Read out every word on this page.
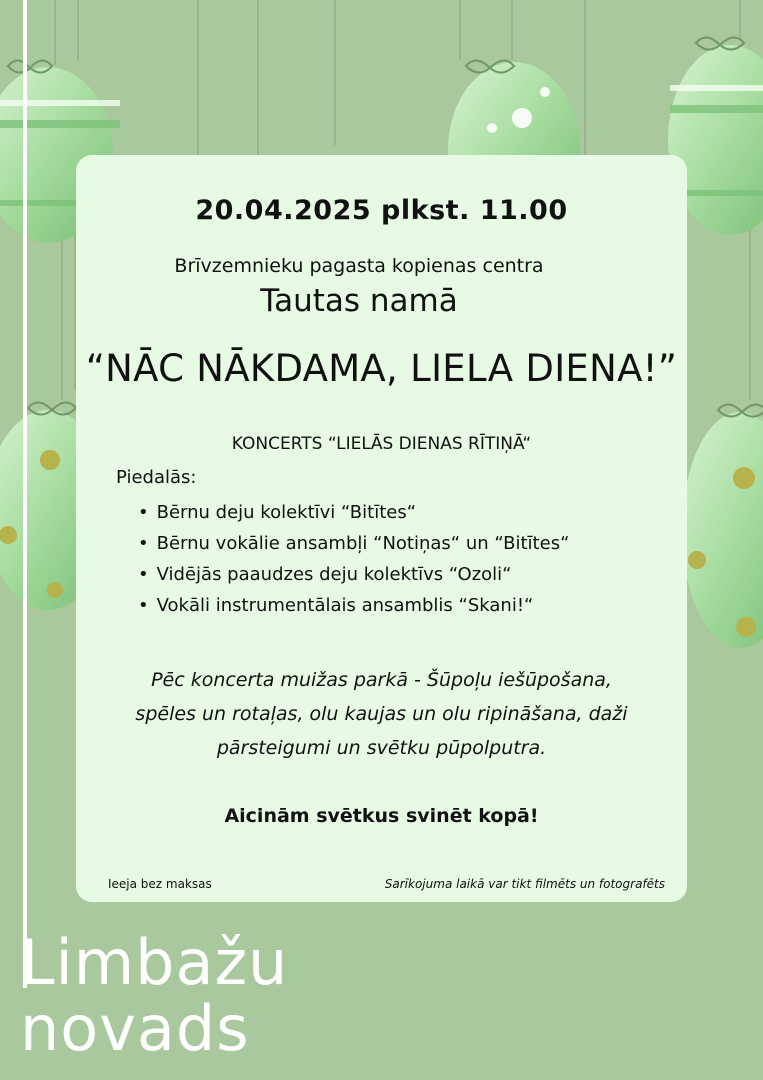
20.04.2025 plkst. 11.00
Brīvzemnieku pagasta kopienas centra
Tautas namā
“NĀC NĀKDAMA, LIELA DIENA!”
KONCERTS “LIELĀS DIENAS RĪTIŅĀ“
Piedalās:
• Bērnu deju kolektīvi “Bitītes“
• Bērnu vokālie ansambļi “Notiņas“ un “Bitītes“
• Vidējās paaudzes deju kolektīvs “Ozoli“
• Vokāli instrumentālais ansamblis “Skani!“
Pēc koncerta muižas parkā - Šūpoļu iešūpošana,
spēles un rotaļas, olu kaujas un olu ripināšana, daži
pārsteigumi un svētku pūpolputra.
Aicinām svētkus svinēt kopā!
Ieeja bez maksas	Sarīkojuma laikā var tikt filmēts un fotografēts
Limbažu
novads
